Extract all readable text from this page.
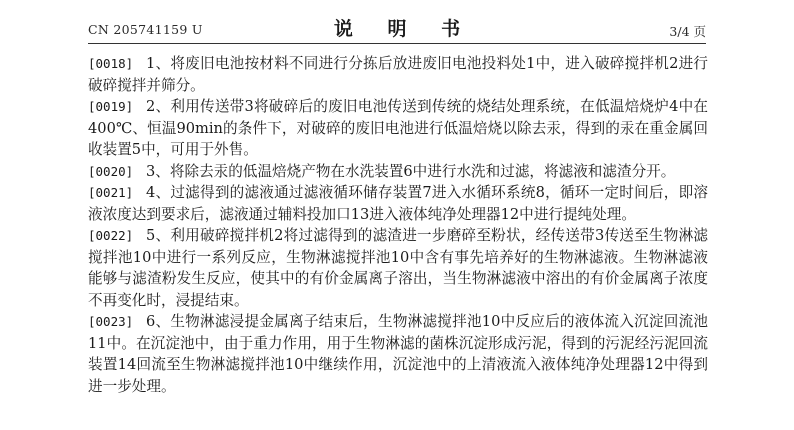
CN 205741159 U	说 明 书	3/4 页

[0018] 1、将废旧电池按材料不同进行分拣后放进废旧电池投料处1中，进入破碎搅拌机2进行破碎搅拌并筛分。

[0019] 2、利用传送带3将破碎后的废旧电池传送到传统的烧结处理系统，在低温焙烧炉4中在400℃、恒温90min的条件下，对破碎的废旧电池进行低温焙烧以除去汞，得到的汞在重金属回收装置5中，可用于外售。

[0020] 3、将除去汞的低温焙烧产物在水洗装置6中进行水洗和过滤，将滤液和滤渣分开。

[0021] 4、过滤得到的滤液通过滤液循环储存装置7进入水循环系统8，循环一定时间后，即溶液浓度达到要求后，滤液通过辅料投加口13进入液体纯净处理器12中进行提纯处理。

[0022] 5、利用破碎搅拌机2将过滤得到的滤渣进一步磨碎至粉状，经传送带3传送至生物淋滤搅拌池10中进行一系列反应，生物淋滤搅拌池10中含有事先培养好的生物淋滤液。生物淋滤液能够与滤渣粉发生反应，使其中的有价金属离子溶出，当生物淋滤液中溶出的有价金属离子浓度不再变化时，浸提结束。

[0023] 6、生物淋滤浸提金属离子结束后，生物淋滤搅拌池10中反应后的液体流入沉淀回流池11中。在沉淀池中，由于重力作用，用于生物淋滤的菌株沉淀形成污泥，得到的污泥经污泥回流装置14回流至生物淋滤搅拌池10中继续作用，沉淀池中的上清液流入液体纯净处理器12中得到进一步处理。
